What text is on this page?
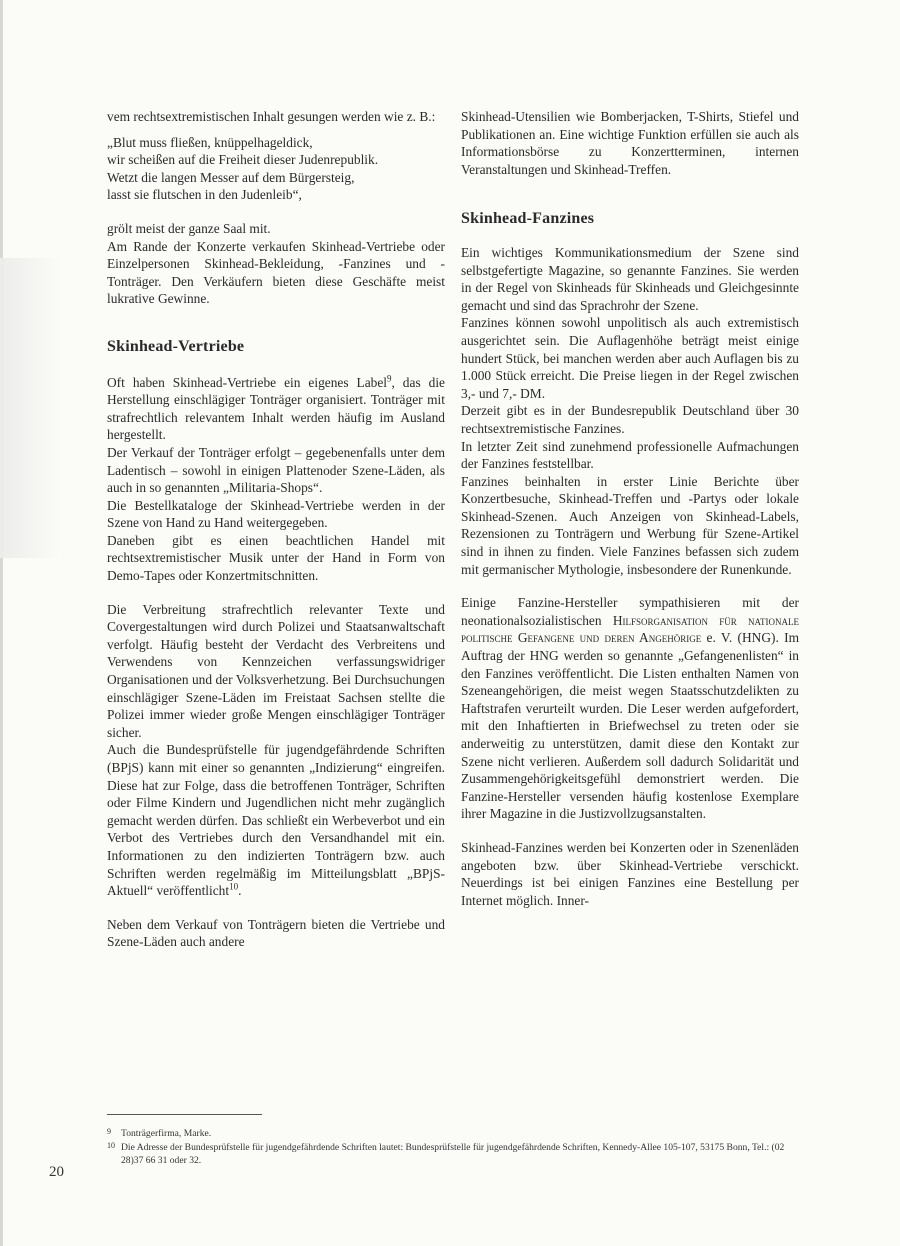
vem rechtsextremistischen Inhalt gesungen werden wie z. B.:

„Blut muss fließen, knüppelhageldick,

wir scheißen auf die Freiheit dieser Judenrepublik.

Wetzt die langen Messer auf dem Bürgersteig,

lasst sie flutschen in den Judenleib“,

grölt meist der ganze Saal mit.

Am Rande der Konzerte verkaufen Skinhead-Vertriebe oder Einzelpersonen Skinhead-Bekleidung, -Fanzines und -Tonträger. Den Verkäufern bieten diese Geschäfte meist lukrative Gewinne.

Skinhead-Vertriebe

Oft haben Skinhead-Vertriebe ein eigenes Label$^9$, das die Herstellung einschlägiger Tonträger organisiert. Tonträger mit strafrechtlich relevantem Inhalt werden häufig im Ausland hergestellt.

Der Verkauf der Tonträger erfolgt – gegebenenfalls unter dem Ladentisch – sowohl in einigen Plattenoder Szene-Läden, als auch in so genannten „Militaria-Shops“.

Die Bestellkataloge der Skinhead-Vertriebe werden in der Szene von Hand zu Hand weitergegeben.

Daneben gibt es einen beachtlichen Handel mit rechtsextremistischer Musik unter der Hand in Form von Demo-Tapes oder Konzertmitschnitten.

Die Verbreitung strafrechtlich relevanter Texte und Covergestaltungen wird durch Polizei und Staatsanwaltschaft verfolgt. Häufig besteht der Verdacht des Verbreitens und Verwendens von Kennzeichen verfassungswidriger Organisationen und der Volksverhetzung. Bei Durchsuchungen einschlägiger Szene-Läden im Freistaat Sachsen stellte die Polizei immer wieder große Mengen einschlägiger Tonträger sicher.

Auch die Bundesprüfstelle für jugendgefährdende Schriften (BPjS) kann mit einer so genannten „Indizierung“ eingreifen. Diese hat zur Folge, dass die betroffenen Tonträger, Schriften oder Filme Kindern und Jugendlichen nicht mehr zugänglich gemacht werden dürfen. Das schließt ein Werbeverbot und ein Verbot des Vertriebes durch den Versandhandel mit ein. Informationen zu den indizierten Tonträgern bzw. auch Schriften werden regelmäßig im Mitteilungsblatt „BPjS-Aktuell“ veröffentlicht$^{10}$.

Neben dem Verkauf von Tonträgern bieten die Vertriebe und Szene-Läden auch andere

Skinhead-Utensilien wie Bomberjacken, T-Shirts, Stiefel und Publikationen an. Eine wichtige Funktion erfüllen sie auch als Informationsbörse zu Konzertterminen, internen Veranstaltungen und Skinhead-Treffen.

Skinhead-Fanzines

Ein wichtiges Kommunikationsmedium der Szene sind selbstgefertigte Magazine, so genannte Fanzines. Sie werden in der Regel von Skinheads für Skinheads und Gleichgesinnte gemacht und sind das Sprachrohr der Szene.

Fanzines können sowohl unpolitisch als auch extremistisch ausgerichtet sein. Die Auflagenhöhe beträgt meist einige hundert Stück, bei manchen werden aber auch Auflagen bis zu 1.000 Stück erreicht. Die Preise liegen in der Regel zwischen 3,- und 7,- DM.

Derzeit gibt es in der Bundesrepublik Deutschland über 30 rechtsextremistische Fanzines.

In letzter Zeit sind zunehmend professionelle Aufmachungen der Fanzines feststellbar.

Fanzines beinhalten in erster Linie Berichte über Konzertbesuche, Skinhead-Treffen und -Partys oder lokale Skinhead-Szenen. Auch Anzeigen von Skinhead-Labels, Rezensionen zu Tonträgern und Werbung für Szene-Artikel sind in ihnen zu finden. Viele Fanzines befassen sich zudem mit germanischer Mythologie, insbesondere der Runenkunde.

Einige Fanzine-Hersteller sympathisieren mit der neonationalsozialistischen Hilfsorganisation für nationale politische Gefangene und deren Angehörige e. V. (HNG). Im Auftrag der HNG werden so genannte „Gefangenenlisten“ in den Fanzines veröffentlicht. Die Listen enthalten Namen von Szeneangehörigen, die meist wegen Staatsschutzdelikten zu Haftstrafen verurteilt wurden. Die Leser werden aufgefordert, mit den Inhaftierten in Briefwechsel zu treten oder sie anderweitig zu unterstützen, damit diese den Kontakt zur Szene nicht verlieren. Außerdem soll dadurch Solidarität und Zusammengehörigkeitsgefühl demonstriert werden. Die Fanzine-Hersteller versenden häufig kostenlose Exemplare ihrer Magazine in die Justizvollzugsanstalten.

Skinhead-Fanzines werden bei Konzerten oder in Szenenläden angeboten bzw. über Skinhead-Vertriebe verschickt. Neuerdings ist bei einigen Fanzines eine Bestellung per Internet möglich. Inner-

9 Tonträgerfirma, Marke.
10 Die Adresse der Bundesprüfstelle für jugendgefährdende Schriften lautet: Bundesprüfstelle für jugendgefährdende Schriften, Kennedy-Allee 105-107, 53175 Bonn, Tel.: (02 28)37 66 31 oder 32.
20
